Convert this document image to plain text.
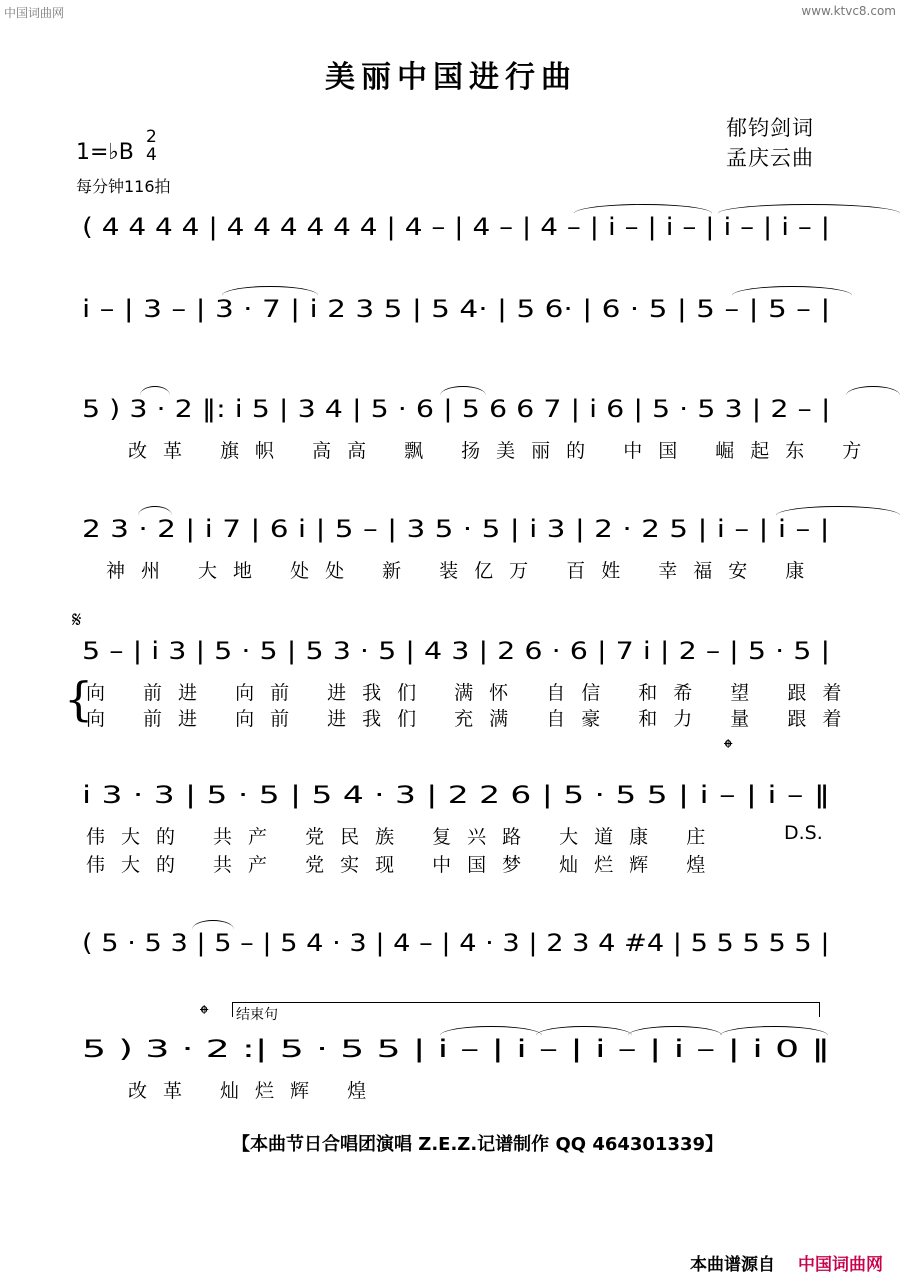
中国词曲网	www.ktvc8.com
美丽中国进行曲
郁钧剑词
孟庆云曲
1=♭B
2
4
每分钟116拍
( 4 4 4 4 | 4 4 4 4 4 4 | 4 – | 4 – | 4 – | i – | i – | i – | i – |
i – | 3 – | 3 · 7 | i 2 3 5 | 5 4· | 5 6· | 6 · 5 | 5 – | 5 – |
5 ) 3 · 2 ‖: i 5 | 3 4 | 5 · 6 | 5 6 6 7 | i 6 | 5 · 5 3 | 2 – |
改革 旗帜 高高 飘 扬美丽的 中国 崛起东 方
2 3 · 2 | i 7 | 6 i | 5 – | 3 5 · 5 | i 3 | 2 · 2 5 | i – | i – |
神州 大地 处处 新 装亿万 百姓 幸福安 康
𝄋
5 – | i 3 | 5 · 5 | 5 3 · 5 | 4 3 | 2 6 · 6 | 7 i | 2 – | 5 · 5 |
{
向 前进 向前 进我们 满怀 自信 和希 望 跟着
向 前进 向前 进我们 充满 自豪 和力 量 跟着
𝄌
i 3 · 3 | 5 · 5 | 5 4 · 3 | 2 2 6 | 5 · 5 5 | i – | i – ‖
伟大的 共产 党民族 复兴路 大道康 庄	D.S.
伟大的 共产 党实现 中国梦 灿烂辉 煌
( 5 · 5 3 | 5 – | 5 4 · 3 | 4 – | 4 · 3 | 2 3 4 #4 | 5 5 5 5 5 |
𝄌 结束句
5 ) 3 · 2 :| 5 · 5 5 | i – | i – | i – | i – | i 0 ‖
改革 灿烂辉 煌
【本曲节日合唱团演唱 Z.E.Z.记谱制作 QQ 464301339】
本曲谱源自 中国词曲网
